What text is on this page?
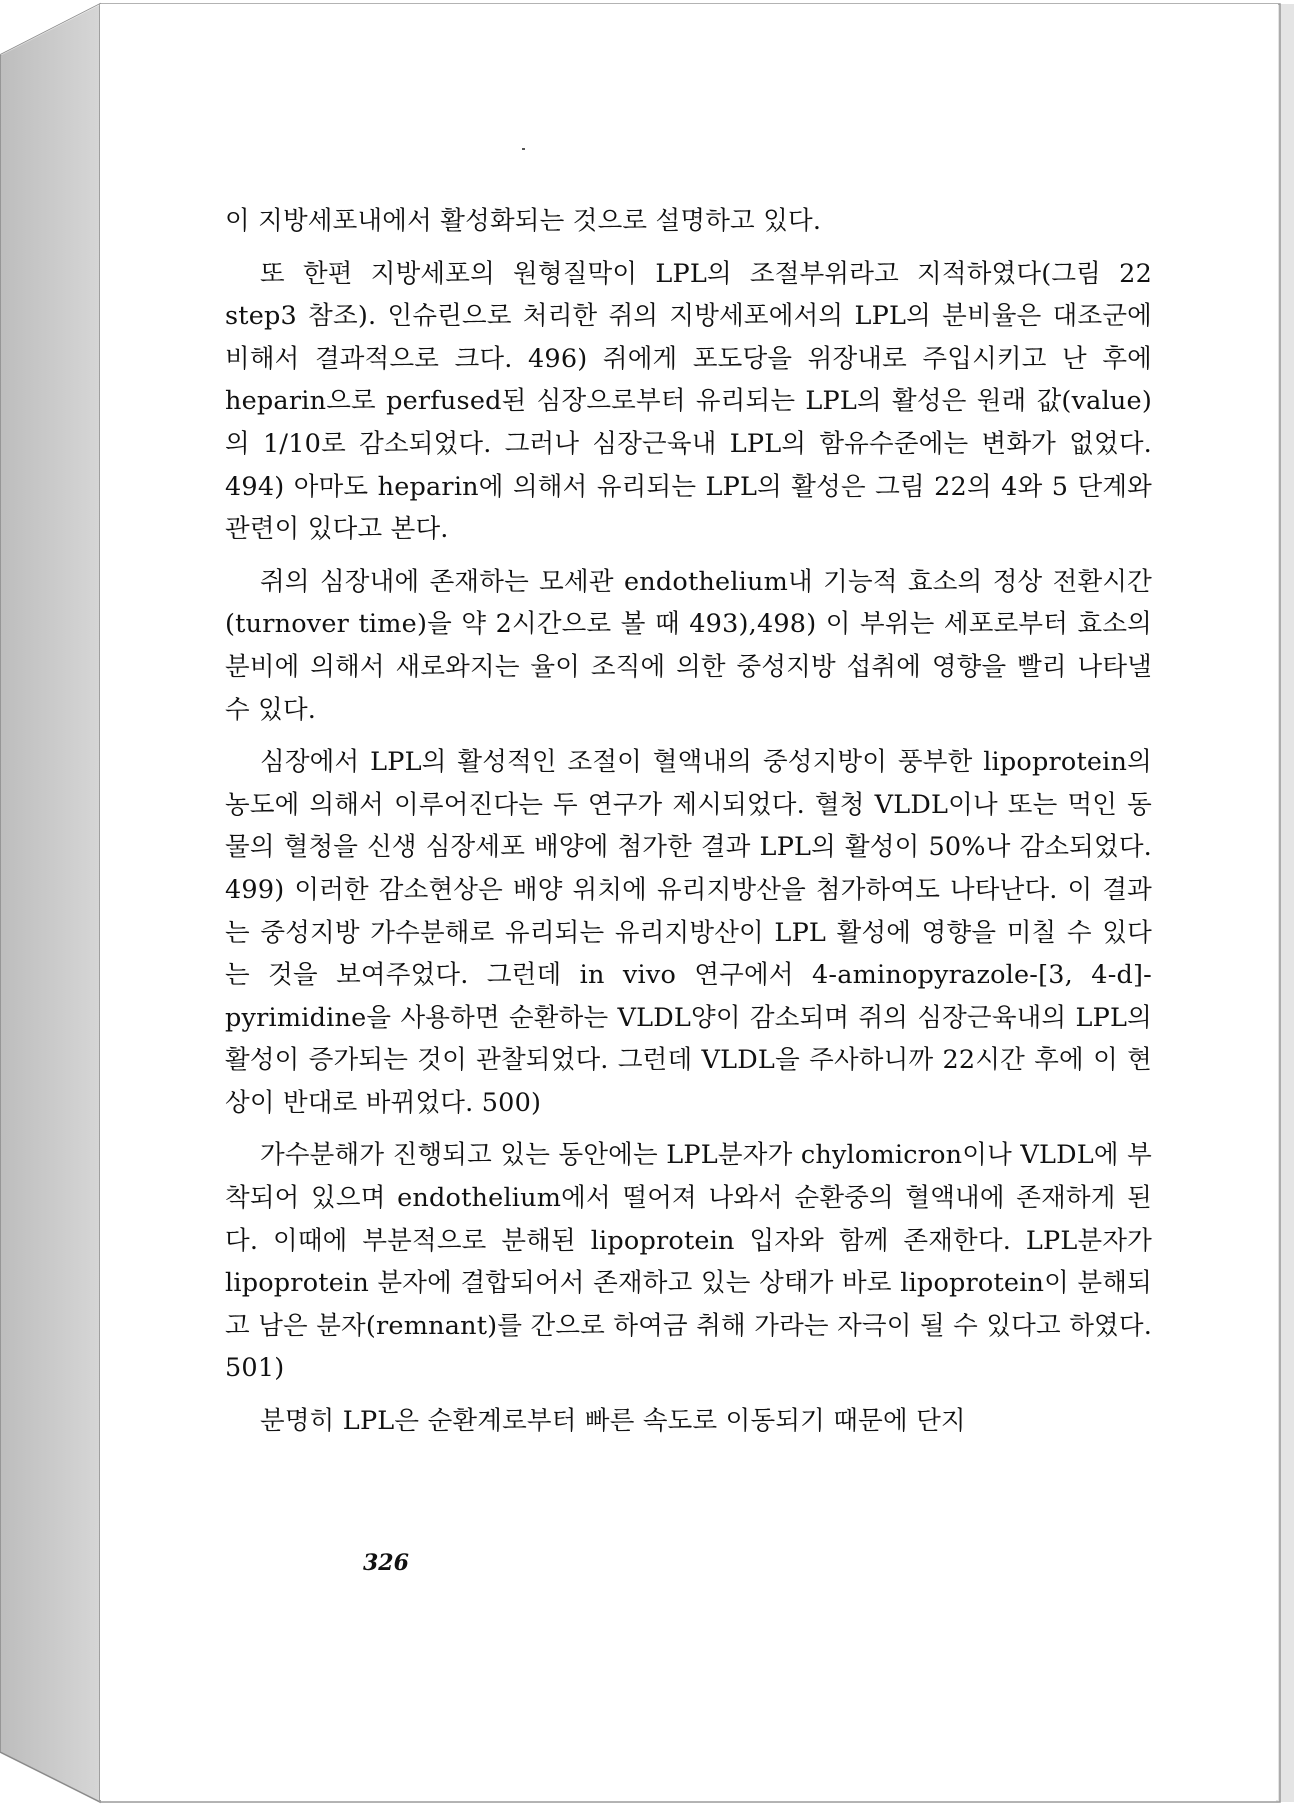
이 지방세포내에서 활성화되는 것으로 설명하고 있다.

또 한편 지방세포의 원형질막이 LPL의 조절부위라고 지적하였다(그림 22 step3 참조). 인슈린으로 처리한 쥐의 지방세포에서의 LPL의 분비율은 대조군에 비해서 결과적으로 크다. 496) 쥐에게 포도당을 위장내로 주입시키고 난 후에 heparin으로 perfused된 심장으로부터 유리되는 LPL의 활성은 원래 값(value)의 1/10로 감소되었다. 그러나 심장근육내 LPL의 함유수준에는 변화가 없었다. 494) 아마도 heparin에 의해서 유리되는 LPL의 활성은 그림 22의 4와 5 단계와 관련이 있다고 본다.

쥐의 심장내에 존재하는 모세관 endothelium내 기능적 효소의 정상 전환시간(turnover time)을 약 2시간으로 볼 때 493),498) 이 부위는 세포로부터 효소의 분비에 의해서 새로와지는 율이 조직에 의한 중성지방 섭취에 영향을 빨리 나타낼 수 있다.

심장에서 LPL의 활성적인 조절이 혈액내의 중성지방이 풍부한 lipoprotein의 농도에 의해서 이루어진다는 두 연구가 제시되었다. 혈청 VLDL이나 또는 먹인 동물의 혈청을 신생 심장세포 배양에 첨가한 결과 LPL의 활성이 50%나 감소되었다. 499) 이러한 감소현상은 배양 위치에 유리지방산을 첨가하여도 나타난다. 이 결과는 중성지방 가수분해로 유리되는 유리지방산이 LPL 활성에 영향을 미칠 수 있다는 것을 보여주었다. 그런데 in vivo 연구에서 4-aminopyrazole-[3, 4-d]-pyrimidine을 사용하면 순환하는 VLDL양이 감소되며 쥐의 심장근육내의 LPL의 활성이 증가되는 것이 관찰되었다. 그런데 VLDL을 주사하니까 22시간 후에 이 현상이 반대로 바뀌었다. 500)

가수분해가 진행되고 있는 동안에는 LPL분자가 chylomicron이나 VLDL에 부착되어 있으며 endothelium에서 떨어져 나와서 순환중의 혈액내에 존재하게 된다. 이때에 부분적으로 분해된 lipoprotein 입자와 함께 존재한다. LPL분자가 lipoprotein 분자에 결합되어서 존재하고 있는 상태가 바로 lipoprotein이 분해되고 남은 분자(remnant)를 간으로 하여금 취해 가라는 자극이 될 수 있다고 하였다. 501)

분명히 LPL은 순환계로부터 빠른 속도로 이동되기 때문에 단지

326
